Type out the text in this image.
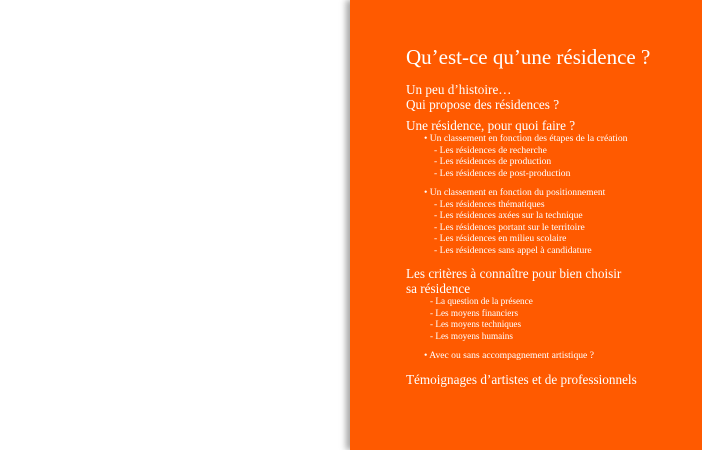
Qu’est-ce qu’une résidence ?
Un peu d’histoire…
Qui propose des résidences ?
Une résidence, pour quoi faire ?
• Un classement en fonction des étapes de la création
- Les résidences de recherche
- Les résidences de production
- Les résidences de post-production
• Un classement en fonction du positionnement
- Les résidences thématiques
- Les résidences axées sur la technique
- Les résidences portant sur le territoire
- Les résidences en milieu scolaire
- Les résidences sans appel à candidature
Les critères à connaître pour bien choisir
sa résidence
- La question de la présence
- Les moyens financiers
- Les moyens techniques
- Les moyens humains
• Avec ou sans accompagnement artistique ?
Témoignages d’artistes et de professionnels
